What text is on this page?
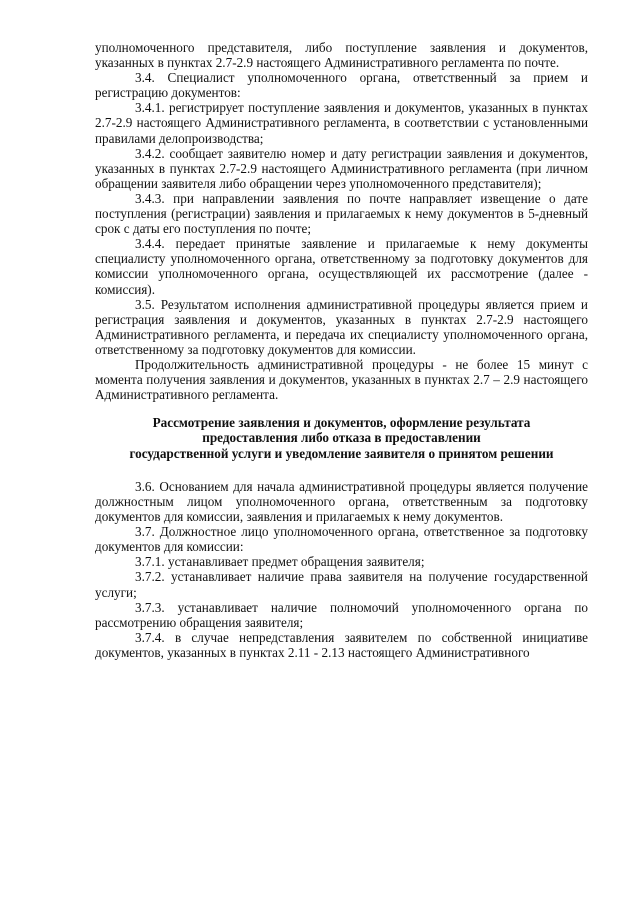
уполномоченного представителя, либо поступление заявления и документов, указанных в пунктах 2.7-2.9 настоящего Административного регламента по почте.

3.4. Специалист уполномоченного органа, ответственный за прием и регистрацию документов:

3.4.1. регистрирует поступление заявления и документов, указанных в пунктах 2.7-2.9 настоящего Административного регламента, в соответствии с установленными правилами делопроизводства;

3.4.2. сообщает заявителю номер и дату регистрации заявления и документов, указанных в пунктах 2.7-2.9 настоящего Административного регламента (при личном обращении заявителя либо обращении через уполномоченного представителя);

3.4.3. при направлении заявления по почте направляет извещение о дате поступления (регистрации) заявления и прилагаемых к нему документов в 5-дневный срок с даты его поступления по почте;

3.4.4. передает принятые заявление и прилагаемые к нему документы специалисту уполномоченного органа, ответственному за подготовку документов для комиссии уполномоченного органа, осуществляющей их рассмотрение (далее - комиссия).

3.5. Результатом исполнения административной процедуры является прием и регистрация заявления и документов, указанных в пунктах 2.7-2.9 настоящего Административного регламента, и передача их специалисту уполномоченного органа, ответственному за подготовку документов для комиссии.

Продолжительность административной процедуры - не более 15 минут с момента получения заявления и документов, указанных в пунктах 2.7 – 2.9 настоящего Административного регламента.

Рассмотрение заявления и документов, оформление результата

предоставления либо отказа в предоставлении

государственной услуги и уведомление заявителя о принятом решении

3.6. Основанием для начала административной процедуры является получение должностным лицом уполномоченного органа, ответственным за подготовку документов для комиссии, заявления и прилагаемых к нему документов.

3.7. Должностное лицо уполномоченного органа, ответственное за подготовку документов для комиссии:

3.7.1. устанавливает предмет обращения заявителя;

3.7.2. устанавливает наличие права заявителя на получение государственной услуги;

3.7.3. устанавливает наличие полномочий уполномоченного органа по рассмотрению обращения заявителя;

3.7.4. в случае непредставления заявителем по собственной инициативе документов, указанных в пунктах 2.11 - 2.13 настоящего Административного
